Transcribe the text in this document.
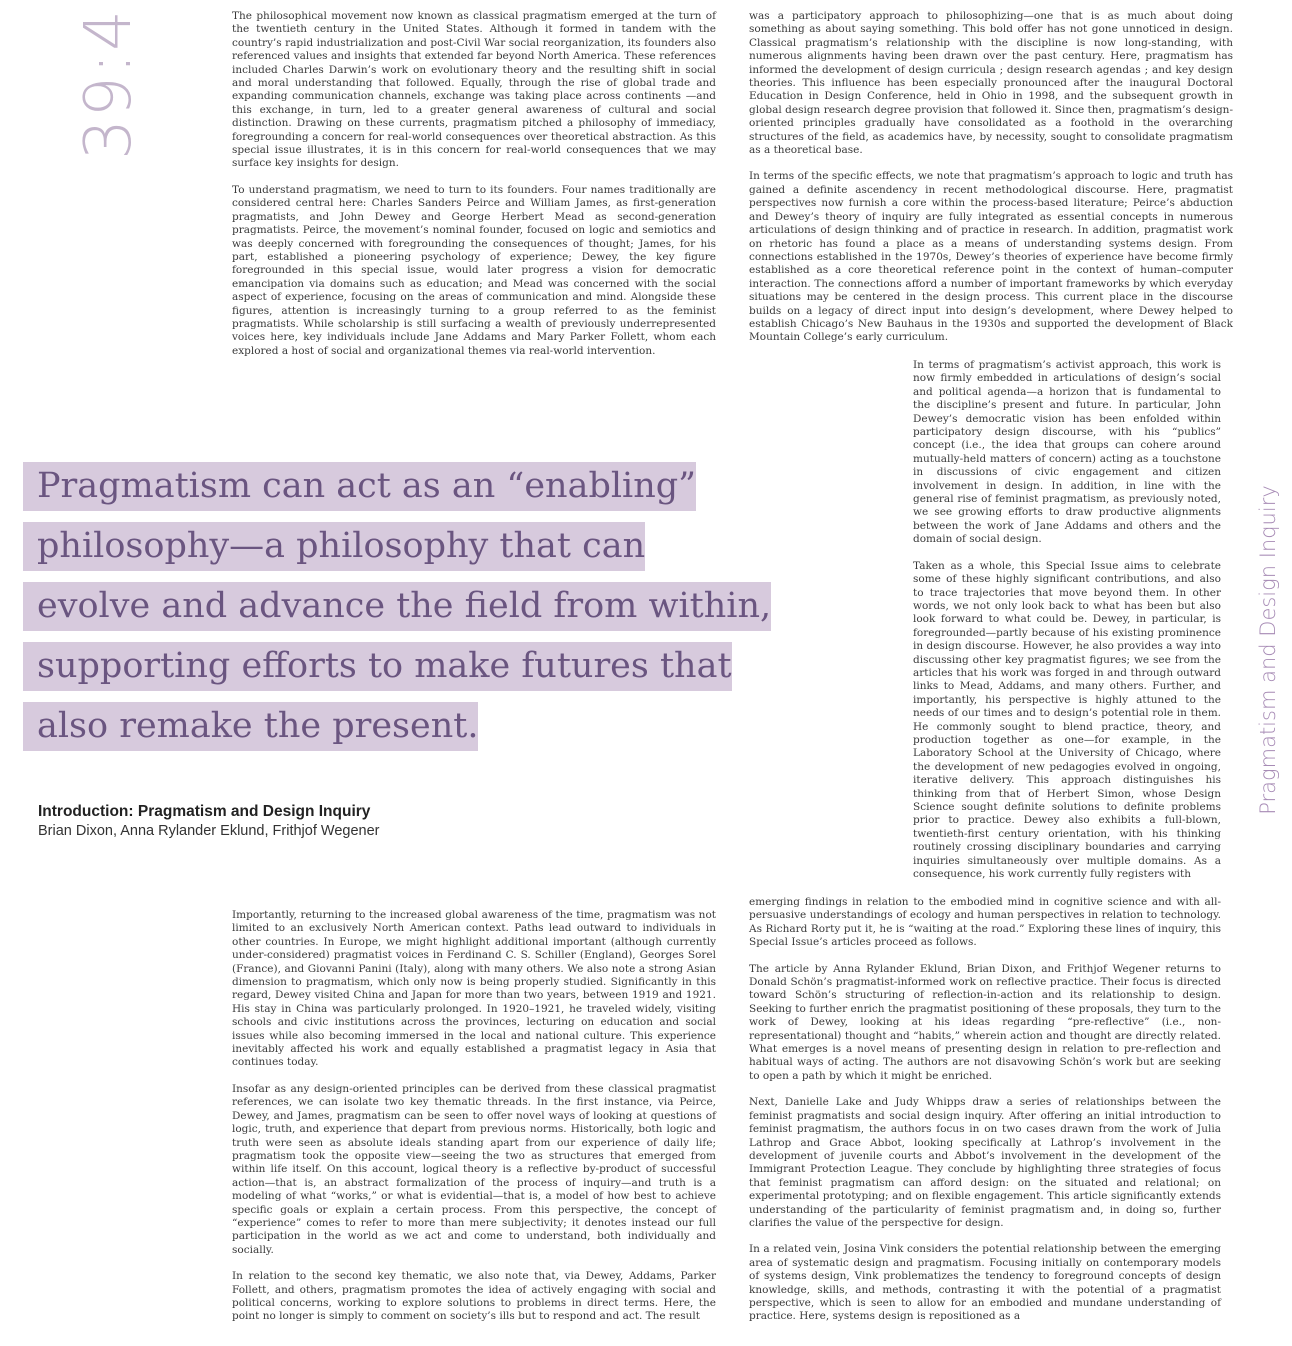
39:4
Pragmatism and Design Inquiry

The philosophical movement now known as classical pragmatism emerged at the turn of the twentieth century in the United States. Although it formed in tandem with the country’s rapid industrialization and post-Civil War social reorganization, its founders also referenced values and insights that extended far beyond North America. These references included Charles Darwin’s work on evolutionary theory and the resulting shift in social and moral understanding that followed. Equally, through the rise of global trade and expanding communication channels, exchange was taking place across continents —and this exchange, in turn, led to a greater general awareness of cultural and social distinction. Drawing on these currents, pragmatism pitched a philosophy of immediacy, foregrounding a concern for real-world consequences over theoretical abstraction. As this special issue illustrates, it is in this concern for real-world consequences that we may surface key insights for design.

To understand pragmatism, we need to turn to its founders. Four names traditionally are considered central here: Charles Sanders Peirce and William James, as first-generation pragmatists, and John Dewey and George Herbert Mead as second-generation pragmatists. Peirce, the movement’s nominal founder, focused on logic and semiotics and was deeply concerned with foregrounding the consequences of thought; James, for his part, established a pioneering psychology of experience; Dewey, the key figure foregrounded in this special issue, would later progress a vision for democratic emancipation via domains such as education; and Mead was concerned with the social aspect of experience, focusing on the areas of communication and mind. Alongside these figures, attention is increasingly turning to a group referred to as the feminist pragmatists. While scholarship is still surfacing a wealth of previously underrepresented voices here, key individuals include Jane Addams and Mary Parker Follett, whom each explored a host of social and organizational themes via real-world intervention.

was a participatory approach to philosophizing—one that is as much about doing something as about saying something. This bold offer has not gone unnoticed in design. Classical pragmatism’s relationship with the discipline is now long-standing, with numerous alignments having been drawn over the past century. Here, pragmatism has informed the development of design curricula ; design research agendas ; and key design theories. This influence has been especially pronounced after the inaugural Doctoral Education in Design Conference, held in Ohio in 1998, and the subsequent growth in global design research degree provision that followed it. Since then, pragmatism’s design-oriented principles gradually have consolidated as a foothold in the overarching structures of the field, as academics have, by necessity, sought to consolidate pragmatism as a theoretical base.

In terms of the specific effects, we note that pragmatism’s approach to logic and truth has gained a definite ascendency in recent methodological discourse. Here, pragmatist perspectives now furnish a core within the process-based literature; Peirce’s abduction and Dewey’s theory of inquiry are fully integrated as essential concepts in numerous articulations of design thinking and of practice in research. In addition, pragmatist work on rhetoric has found a place as a means of understanding systems design. From connections established in the 1970s, Dewey’s theories of experience have become firmly established as a core theoretical reference point in the context of human–computer interaction. The connections afford a number of important frameworks by which everyday situations may be centered in the design process. This current place in the discourse builds on a legacy of direct input into design’s development, where Dewey helped to establish Chicago’s New Bauhaus in the 1930s and supported the development of Black Mountain College’s early curriculum.

In terms of pragmatism’s activist approach, this work is now firmly embedded in articulations of design’s social and political agenda—a horizon that is fundamental to the discipline’s present and future. In particular, John Dewey’s democratic vision has been enfolded within participatory design discourse, with his “publics” concept (i.e., the idea that groups can cohere around mutually-held matters of concern) acting as a touchstone in discussions of civic engagement and citizen involvement in design. In addition, in line with the general rise of feminist pragmatism, as previously noted, we see growing efforts to draw productive alignments between the work of Jane Addams and others and the domain of social design.

Taken as a whole, this Special Issue aims to celebrate some of these highly significant contributions, and also to trace trajectories that move beyond them. In other words, we not only look back to what has been but also look forward to what could be. Dewey, in particular, is foregrounded—partly because of his existing prominence in design discourse. However, he also provides a way into discussing other key pragmatist figures; we see from the articles that his work was forged in and through outward links to Mead, Addams, and many others. Further, and importantly, his perspective is highly attuned to the needs of our times and to design’s potential role in them. He commonly sought to blend practice, theory, and production together as one—for example, in the Laboratory School at the University of Chicago, where the development of new pedagogies evolved in ongoing, iterative delivery. This approach distinguishes his thinking from that of Herbert Simon, whose Design Science sought definite solutions to definite problems prior to practice. Dewey also exhibits a full-blown, twentieth-first century orientation, with his thinking routinely crossing disciplinary boundaries and carrying inquiries simultaneously over multiple domains. As a consequence, his work currently fully registers with

Pragmatism can act as an “enabling”
philosophy—a philosophy that can
evolve and advance the field from within,
supporting efforts to make futures that
also remake the present.

Introduction: Pragmatism and Design Inquiry

Brian Dixon, Anna Rylander Eklund, Frithjof Wegener

emerging findings in relation to the embodied mind in cognitive science and with all-persuasive understandings of ecology and human perspectives in relation to technology. As Richard Rorty put it, he is “waiting at the road.” Exploring these lines of inquiry, this Special Issue’s articles proceed as follows.

The article by Anna Rylander Eklund, Brian Dixon, and Frithjof Wegener returns to Donald Schön’s pragmatist-informed work on reflective practice. Their focus is directed toward Schön’s structuring of reflection-in-action and its relationship to design. Seeking to further enrich the pragmatist positioning of these proposals, they turn to the work of Dewey, looking at his ideas regarding “pre-reflective” (i.e., non-representational) thought and “habits,” wherein action and thought are directly related. What emerges is a novel means of presenting design in relation to pre-reflection and habitual ways of acting. The authors are not disavowing Schön’s work but are seeking to open a path by which it might be enriched.

Next, Danielle Lake and Judy Whipps draw a series of relationships between the feminist pragmatists and social design inquiry. After offering an initial introduction to feminist pragmatism, the authors focus in on two cases drawn from the work of Julia Lathrop and Grace Abbot, looking specifically at Lathrop’s involvement in the development of juvenile courts and Abbot’s involvement in the development of the Immigrant Protection League. They conclude by highlighting three strategies of focus that feminist pragmatism can afford design: on the situated and relational; on experimental prototyping; and on flexible engagement. This article significantly extends understanding of the particularity of feminist pragmatism and, in doing so, further clarifies the value of the perspective for design.

In a related vein, Josina Vink considers the potential relationship between the emerging area of systematic design and pragmatism. Focusing initially on contemporary models of systems design, Vink problematizes the tendency to foreground concepts of design knowledge, skills, and methods, contrasting it with the potential of a pragmatist perspective, which is seen to allow for an embodied and mundane understanding of practice. Here, systems design is repositioned as a

Importantly, returning to the increased global awareness of the time, pragmatism was not limited to an exclusively North American context. Paths lead outward to individuals in other countries. In Europe, we might highlight additional important (although currently under-considered) pragmatist voices in Ferdinand C. S. Schiller (England), Georges Sorel (France), and Giovanni Panini (Italy), along with many others. We also note a strong Asian dimension to pragmatism, which only now is being properly studied. Significantly in this regard, Dewey visited China and Japan for more than two years, between 1919 and 1921. His stay in China was particularly prolonged. In 1920–1921, he traveled widely, visiting schools and civic institutions across the provinces, lecturing on education and social issues while also becoming immersed in the local and national culture. This experience inevitably affected his work and equally established a pragmatist legacy in Asia that continues today.

Insofar as any design-oriented principles can be derived from these classical pragmatist references, we can isolate two key thematic threads. In the first instance, via Peirce, Dewey, and James, pragmatism can be seen to offer novel ways of looking at questions of logic, truth, and experience that depart from previous norms. Historically, both logic and truth were seen as absolute ideals standing apart from our experience of daily life; pragmatism took the opposite view—seeing the two as structures that emerged from within life itself. On this account, logical theory is a reflective by-product of successful action—that is, an abstract formalization of the process of inquiry—and truth is a modeling of what “works,” or what is evidential—that is, a model of how best to achieve specific goals or explain a certain process. From this perspective, the concept of “experience” comes to refer to more than mere subjectivity; it denotes instead our full participation in the world as we act and come to understand, both individually and socially.

In relation to the second key thematic, we also note that, via Dewey, Addams, Parker Follett, and others, pragmatism promotes the idea of actively engaging with social and political concerns, working to explore solutions to problems in direct terms. Here, the point no longer is simply to comment on society’s ills but to respond and act. The result
